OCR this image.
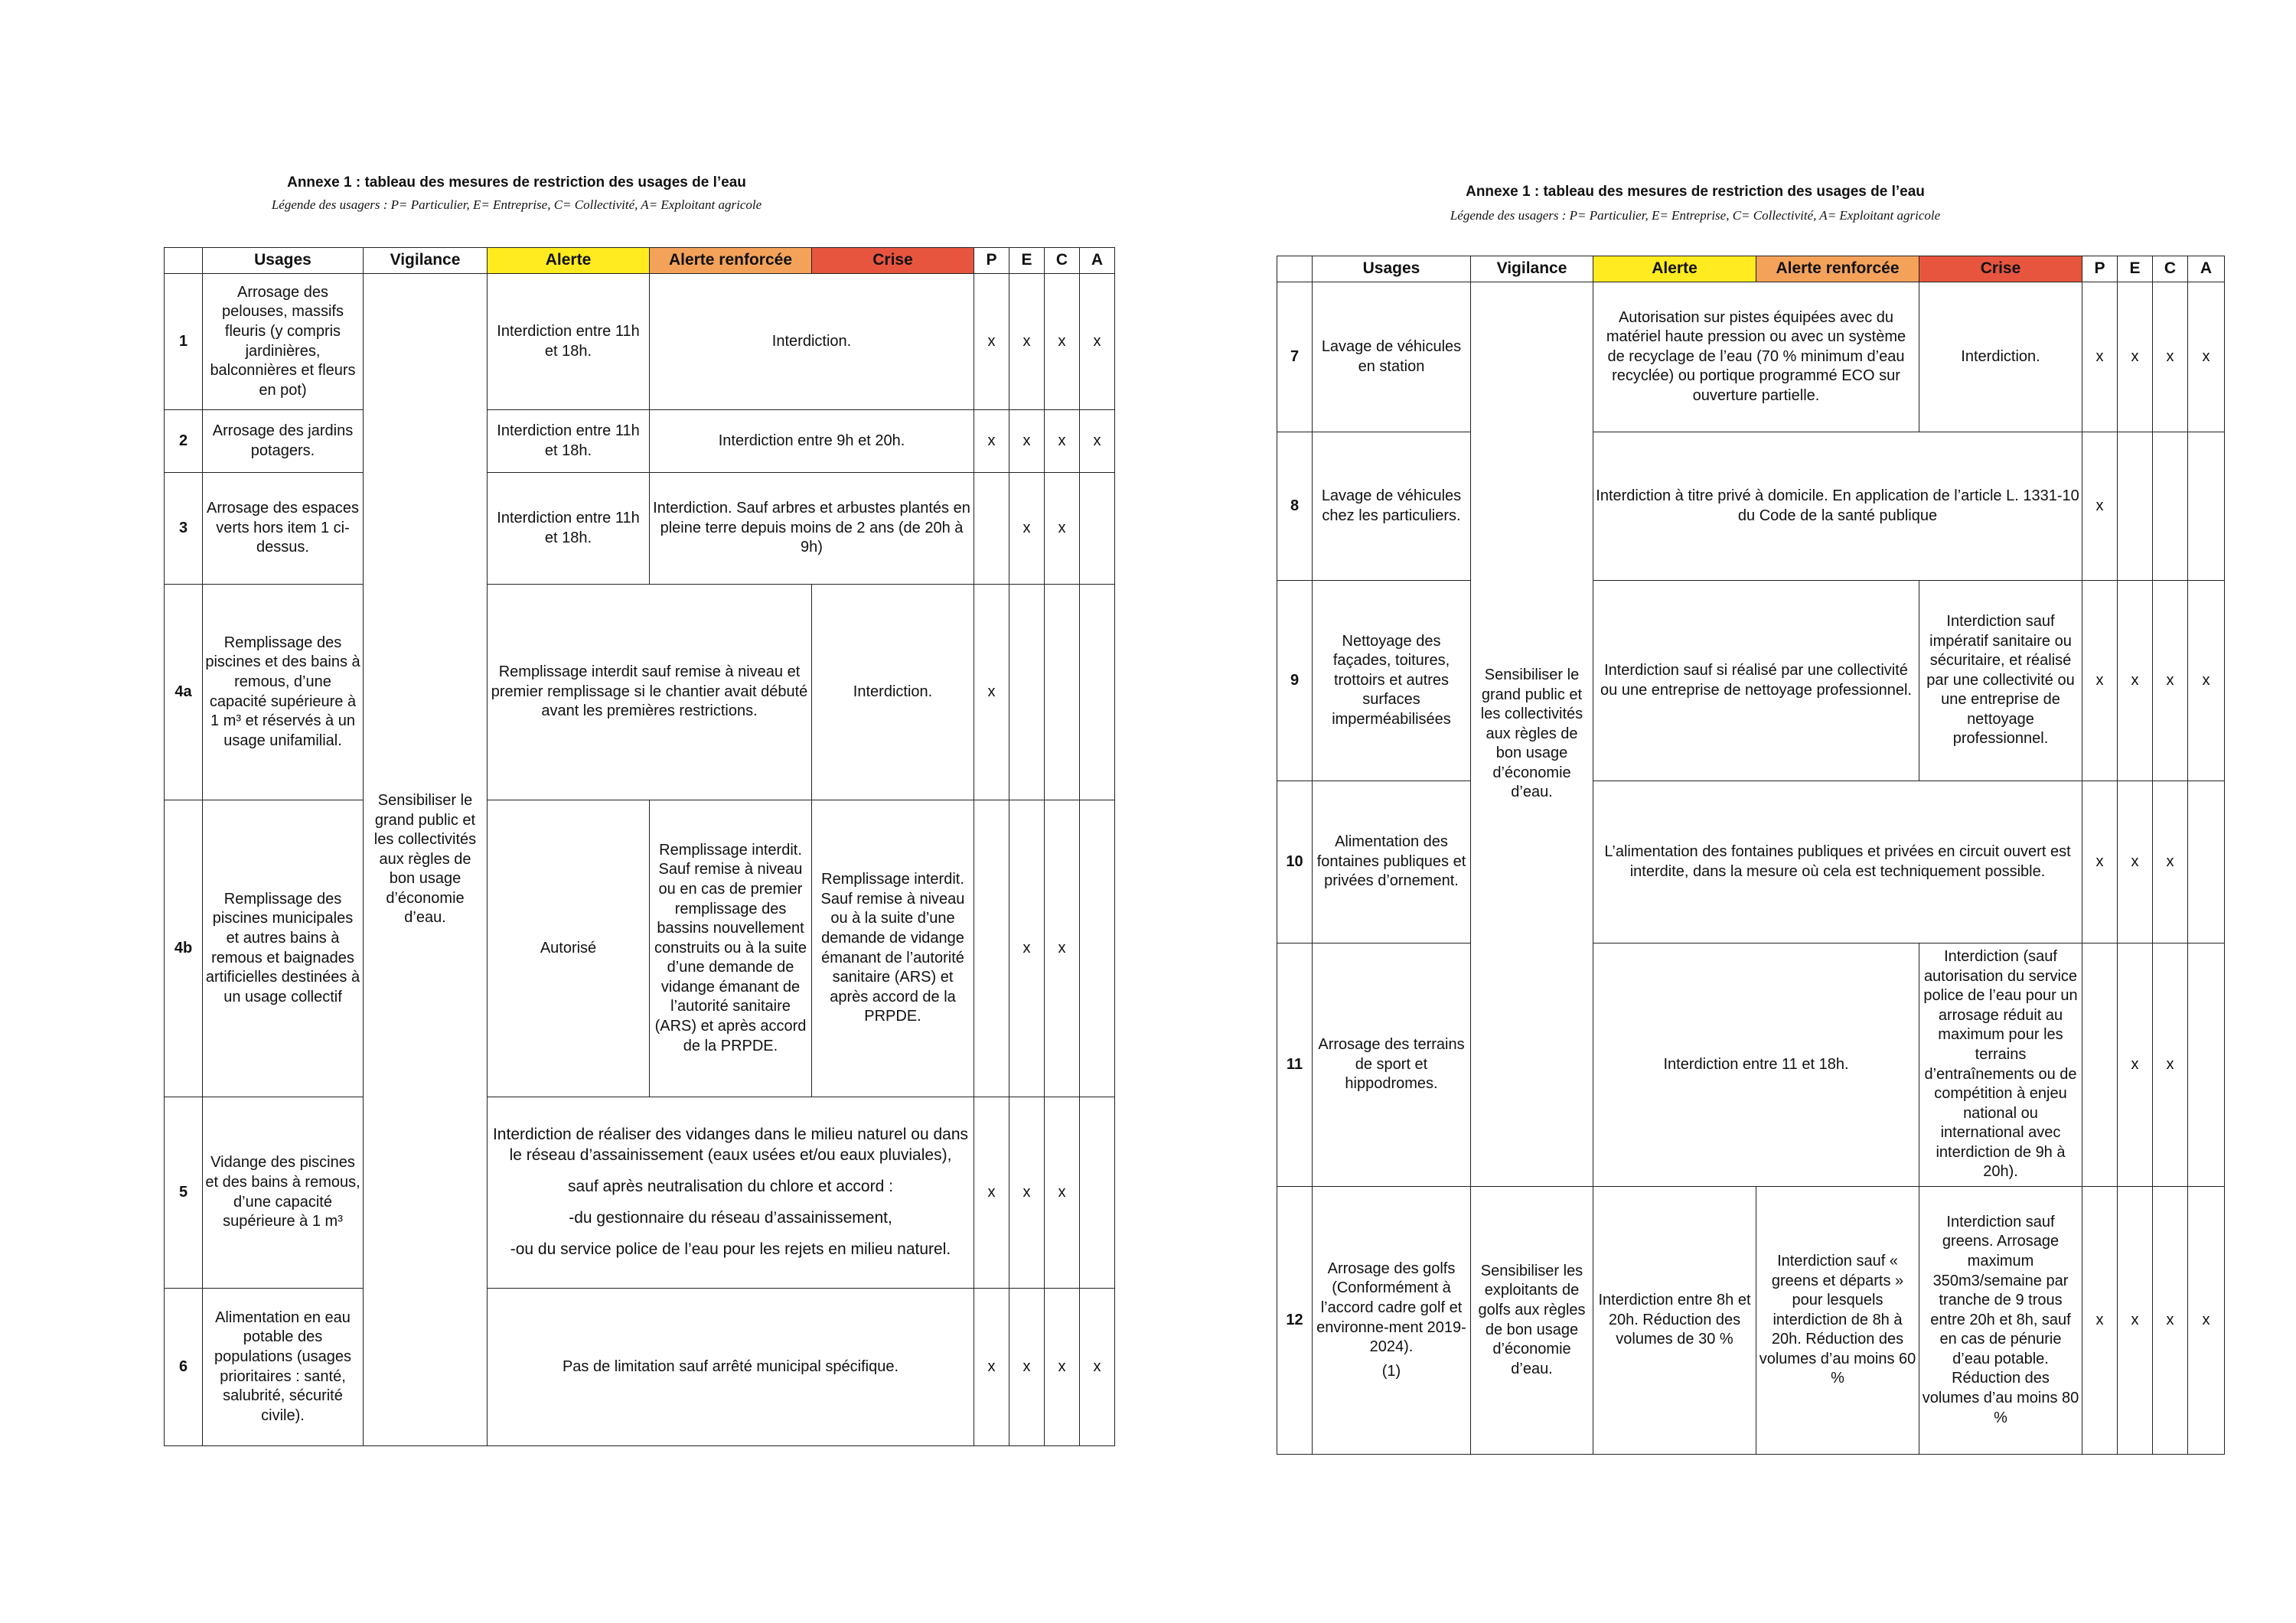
Annexe 1 : tableau des mesures de restriction des usages de l’eau
Légende des usagers : P= Particulier, E= Entreprise, C= Collectivité, A= Exploitant agricole
	Usages	Vigilance	Alerte	Alerte renforcée	Crise	P	E	C	A
1	Arrosage des pelouses, massifs fleuris (y compris jardinières, balconnières et fleurs en pot)	Sensibiliser le grand public et les collectivités aux règles de bon usage d’économie d’eau.	Interdiction entre 11h et 18h.	Interdiction.		x	x	x	x
2	Arrosage des jardins potagers.		Interdiction entre 11h et 18h.	Interdiction entre 9h et 20h.		x	x	x	x
3	Arrosage des espaces verts hors item 1 ci-dessus.		Interdiction entre 11h et 18h.	Interdiction. Sauf arbres et arbustes plantés en pleine terre depuis moins de 2 ans (de 20h à 9h)			x	x	
4a	Remplissage des piscines et des bains à remous, d’une capacité supérieure à 1 m³ et réservés à un usage unifamilial.		Remplissage interdit sauf remise à niveau et premier remplissage si le chantier avait débuté avant les premières restrictions.		Interdiction.	x			
4b	Remplissage des piscines municipales et autres bains à remous et baignades artificielles destinées à un usage collectif		Autorisé	Remplissage interdit. Sauf remise à niveau ou en cas de premier remplissage des bassins nouvellement construits ou à la suite d’une demande de vidange émanant de l’autorité sanitaire (ARS) et après accord de la PRPDE.	Remplissage interdit. Sauf remise à niveau ou à la suite d’une demande de vidange émanant de l’autorité sanitaire (ARS) et après accord de la PRPDE.		x	x	
5	Vidange des piscines et des bains à remous, d’une capacité supérieure à 1 m³		Interdiction de réaliser des vidanges dans le milieu naturel ou dans le réseau d’assainissement (eaux usées et/ou eaux pluviales),
sauf après neutralisation du chlore et accord :
-du gestionnaire du réseau d’assainissement,
-ou du service police de l’eau pour les rejets en milieu naturel.			x	x	x	
6	Alimentation en eau potable des populations (usages prioritaires : santé, salubrité, sécurité civile).		Pas de limitation sauf arrêté municipal spécifique.			x	x	x	x
Annexe 1 : tableau des mesures de restriction des usages de l’eau
Légende des usagers : P= Particulier, E= Entreprise, C= Collectivité, A= Exploitant agricole
	Usages	Vigilance	Alerte	Alerte renforcée	Crise	P	E	C	A
7	Lavage de véhicules en station	Sensibiliser le grand public et les collectivités aux règles de bon usage d’économie d’eau.	Autorisation sur pistes équipées avec du matériel haute pression ou avec un système de recyclage de l’eau (70 % minimum d’eau recyclée) ou portique programmé ECO sur ouverture partielle.		Interdiction.	x	x	x	x
8	Lavage de véhicules chez les particuliers.		Interdiction à titre privé à domicile. En application de l’article L. 1331-10 du Code de la santé publique			x			
9	Nettoyage des façades, toitures, trottoirs et autres surfaces imperméabilisées		Interdiction sauf si réalisé par une collectivité ou une entreprise de nettoyage professionnel.		Interdiction sauf impératif sanitaire ou sécuritaire, et réalisé par une collectivité ou une entreprise de nettoyage professionnel.	x	x	x	x
10	Alimentation des fontaines publiques et privées d’ornement.		L’alimentation des fontaines publiques et privées en circuit ouvert est interdite, dans la mesure où cela est techniquement possible.			x	x	x	
11	Arrosage des terrains de sport et hippodromes.		Interdiction entre 11 et 18h.		Interdiction (sauf autorisation du service police de l’eau pour un arrosage réduit au maximum pour les terrains d’entraînements ou de compétition à enjeu national ou international avec interdiction de 9h à 20h).		x	x	
12	Arrosage des golfs (Conformément à l’accord cadre golf et environne-ment 2019-2024).
(1)	Sensibiliser les exploitants de golfs aux règles de bon usage d’économie d’eau.	Interdiction entre 8h et 20h. Réduction des volumes de 30 %	Interdiction sauf « greens et départs » pour lesquels interdiction de 8h à 20h. Réduction des volumes d’au moins 60 %	Interdiction sauf greens. Arrosage maximum 350m3/semaine par tranche de 9 trous entre 20h et 8h, sauf en cas de pénurie d’eau potable. Réduction des volumes d’au moins 80 %	x	x	x	x
